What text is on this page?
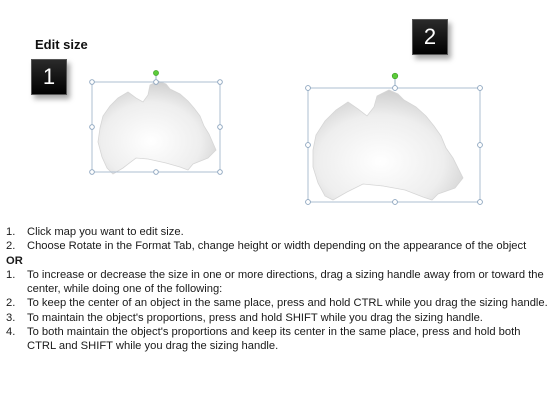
Edit size
1
2
1.	Click map you want to edit size.
2.	Choose Rotate in the Format Tab, change height or width depending on the appearance of the object
OR
1.	To increase or decrease the size in one or more directions, drag a sizing handle away from or toward the center, while doing one of the following:
2.	To keep the center of an object in the same place, press and hold CTRL while you drag the sizing handle.
3.	To maintain the object's proportions, press and hold SHIFT while you drag the sizing handle.
4.	To both maintain the object's proportions and keep its center in the same place, press and hold both CTRL and SHIFT while you drag the sizing handle.
